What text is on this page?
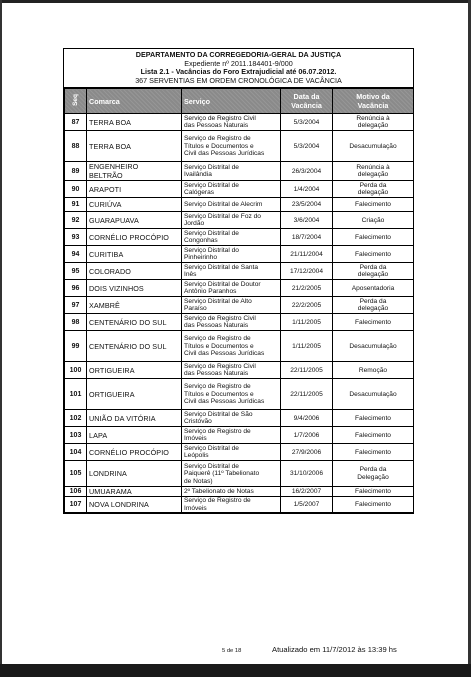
DEPARTAMENTO DA CORREGEDORIA-GERAL DA JUSTIÇA
Expediente nº 2011.184401-9/000
Lista 2.1 - Vacâncias do Foro Extrajudicial até 06.07.2012.
367 SERVENTIAS EM ORDEM CRONOLÓGICA DE VACÂNCIA
Seq	Comarca	Serviço	Data da
Vacância	Motivo da
Vacância
87	TERRA BOA	Serviço de Registro Civil
das Pessoas Naturais	5/3/2004	Renúncia à
delegação
88	TERRA BOA	Serviço de Registro de
Títulos e Documentos e
Civil das Pessoas Jurídicas	5/3/2004	Desacumulação
89	ENGENHEIRO
BELTRÃO	Serviço Distrital de
Ivailândia	26/3/2004	Renúncia à
delegação
90	ARAPOTI	Serviço Distrital de
Calógeras	1/4/2004	Perda da
delegação
91	CURIÚVA	Serviço Distrital de Alecrim	23/5/2004	Falecimento
92	GUARAPUAVA	Serviço Distrital de Foz do
Jordão	3/6/2004	Criação
93	CORNÉLIO PROCÓPIO	Serviço Distrital de
Congonhas	18/7/2004	Falecimento
94	CURITIBA	Serviço Distrital do
Pinheirinho	21/11/2004	Falecimento
95	COLORADO	Serviço Distrital de Santa
Inês	17/12/2004	Perda da
delegação
96	DOIS VIZINHOS	Serviço Distrital de Doutor
Antônio Paranhos	21/2/2005	Aposentadoria
97	XAMBRÊ	Serviço Distrital de Alto
Paraíso	22/2/2005	Perda da
delegação
98	CENTENÁRIO DO SUL	Serviço de Registro Civil
das Pessoas Naturais	1/11/2005	Falecimento
99	CENTENÁRIO DO SUL	Serviço de Registro de
Títulos e Documentos e
Civil das Pessoas Jurídicas	1/11/2005	Desacumulação
100	ORTIGUEIRA	Serviço de Registro Civil
das Pessoas Naturais	22/11/2005	Remoção
101	ORTIGUEIRA	Serviço de Registro de
Títulos e Documentos e
Civil das Pessoas Jurídicas	22/11/2005	Desacumulação
102	UNIÃO DA VITÓRIA	Serviço Distrital de São
Cristóvão	9/4/2006	Falecimento
103	LAPA	Serviço de Registro de
Imóveis	1/7/2006	Falecimento
104	CORNÉLIO PROCÓPIO	Serviço Distrital de
Leópolis	27/9/2006	Falecimento
105	LONDRINA	Serviço Distrital de
Paiquerê (11º Tabelionato
de Notas)	31/10/2006	Perda da
Delegação
106	UMUARAMA	2º Tabelionato de Notas	16/2/2007	Falecimento
107	NOVA LONDRINA	Serviço de Registro de
Imóveis	1/5/2007	Falecimento
5 de 18	Atualizado em 11/7/2012 às 13:39 hs
